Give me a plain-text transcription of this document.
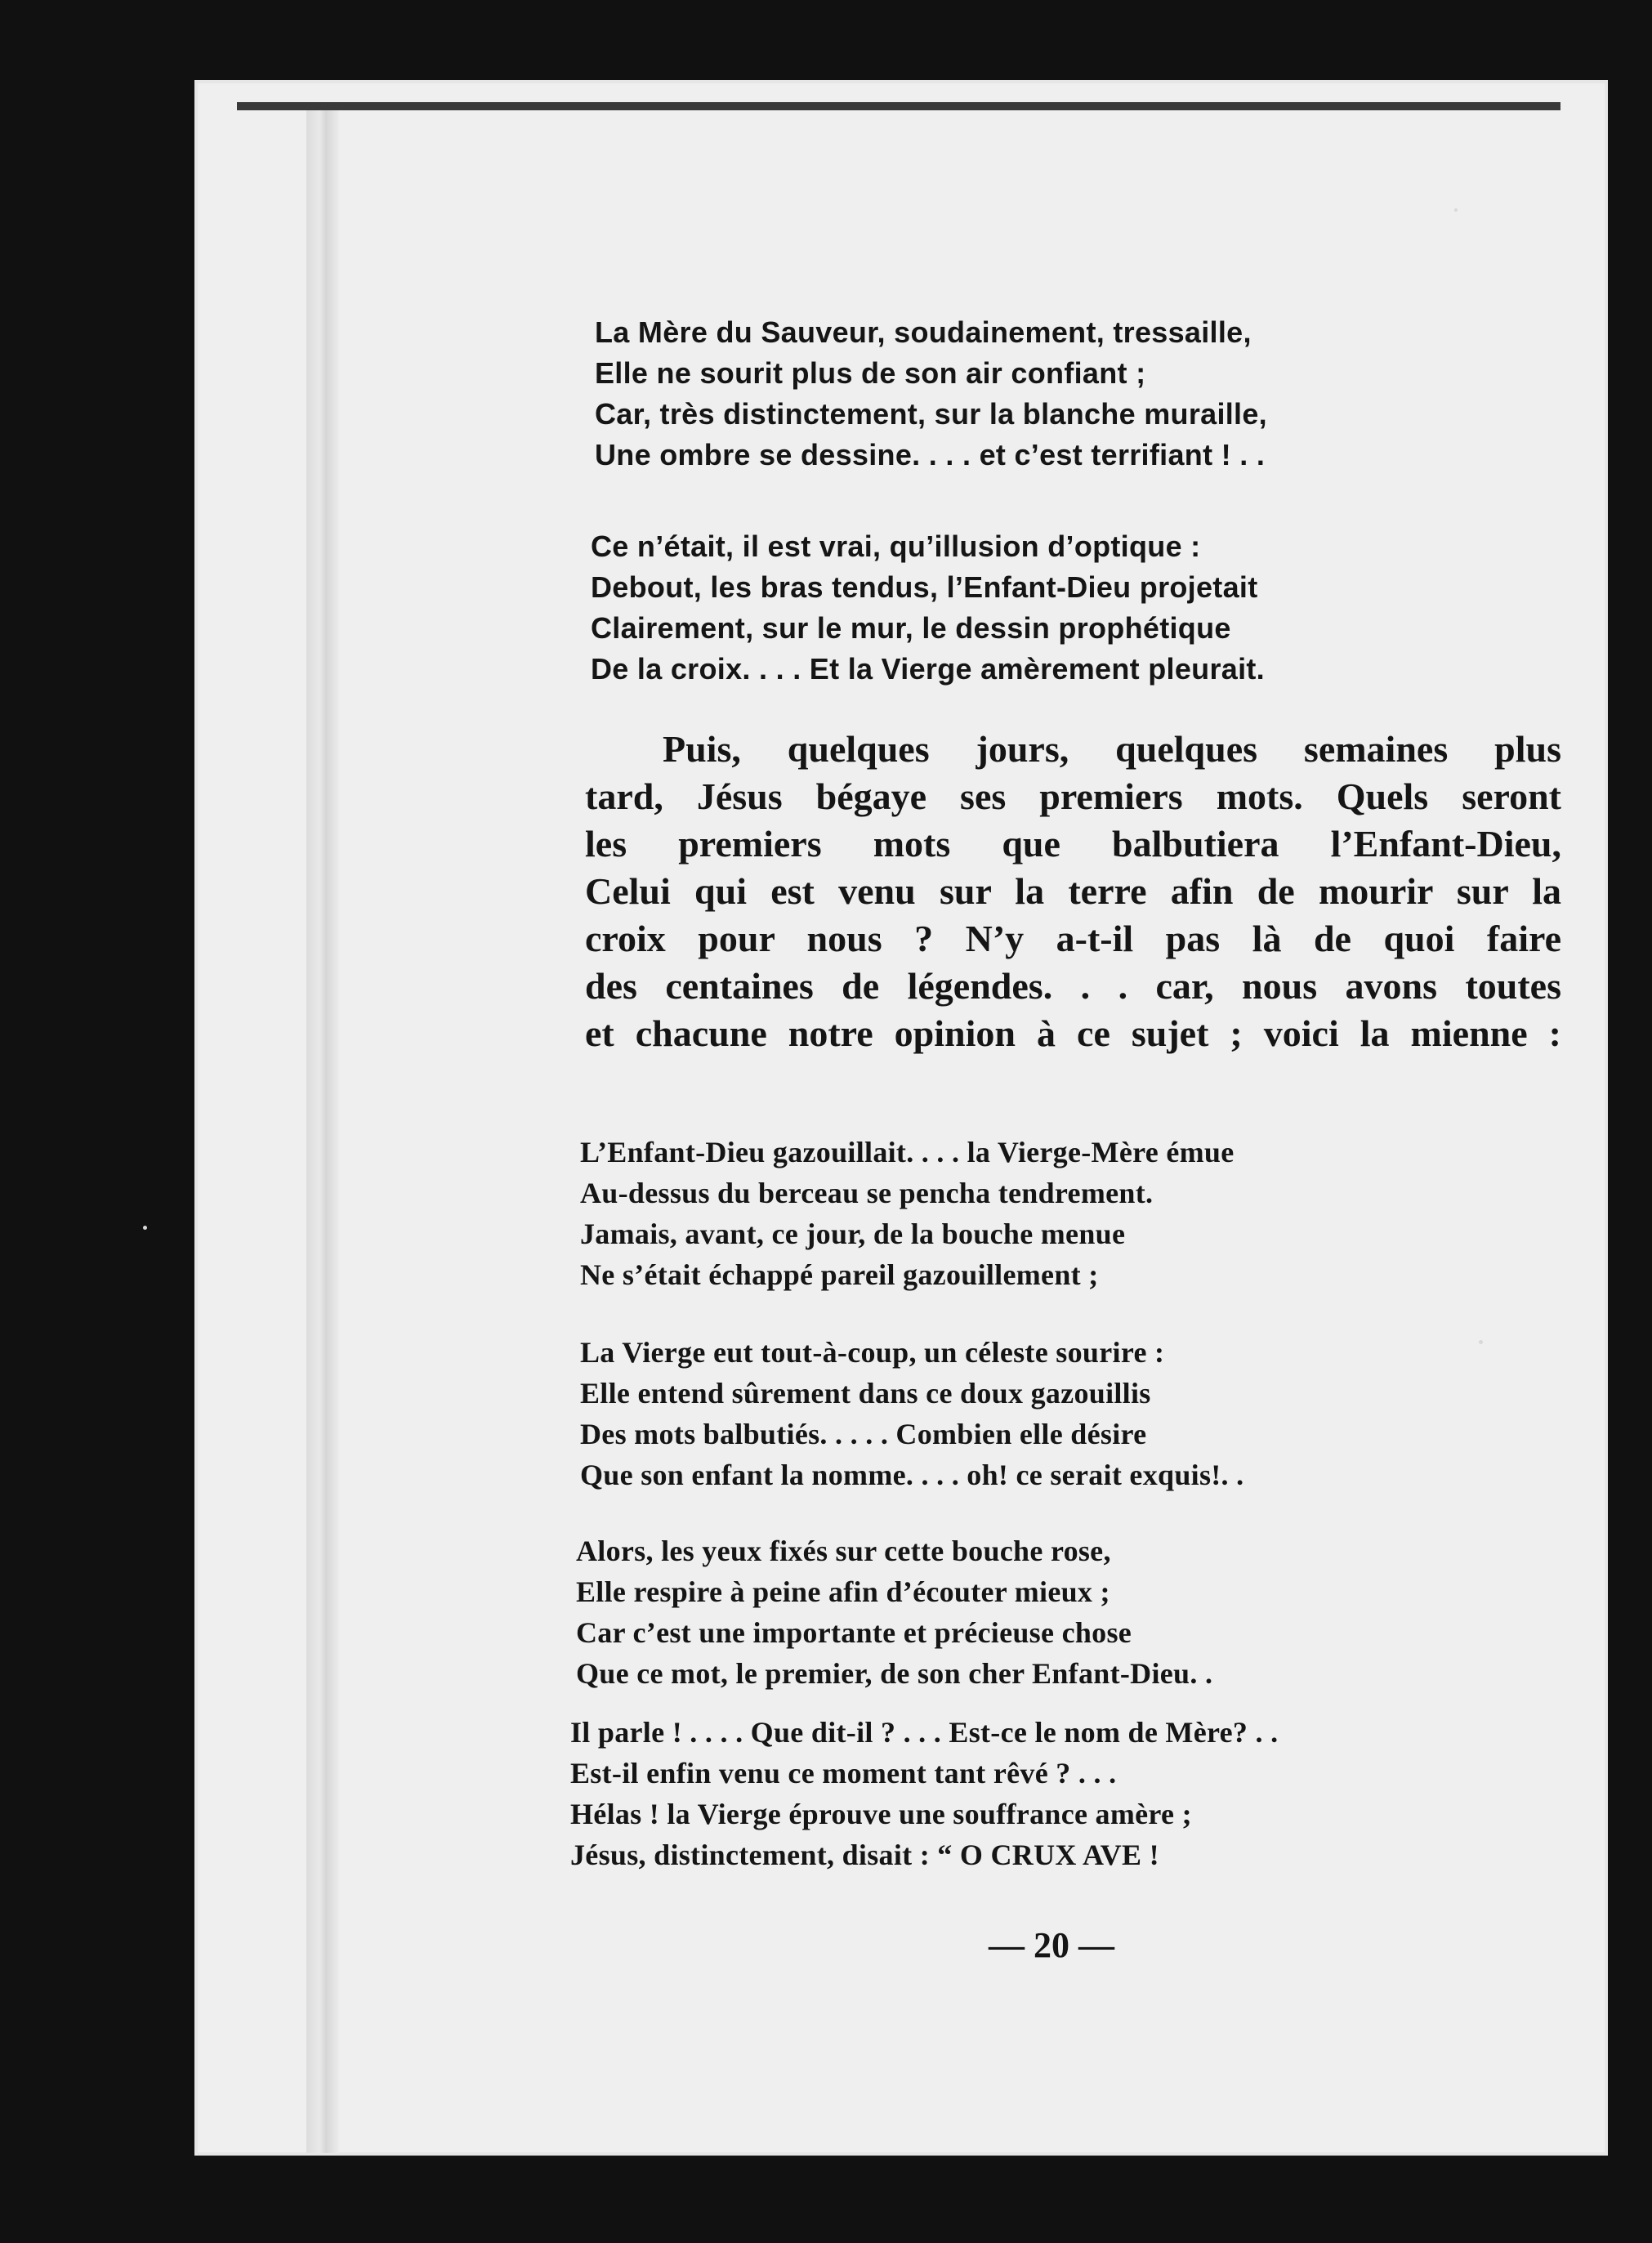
La Mère du Sauveur, soudainement, tressaille,
Elle ne sourit plus de son air confiant ;
Car, très distinctement, sur la blanche muraille,
Une ombre se dessine. . . . et c’est terrifiant ! . .
Ce n’était, il est vrai, qu’illusion d’optique :
Debout, les bras tendus, l’Enfant-Dieu projetait
Clairement, sur le mur, le dessin prophétique
De la croix. . . . Et la Vierge amèrement pleurait.
Puis, quelques jours, quelques semaines plus
tard, Jésus bégaye ses premiers mots. Quels seront
les premiers mots que balbutiera l’Enfant-Dieu,
Celui qui est venu sur la terre afin de mourir sur la
croix pour nous ? N’y a-t-il pas là de quoi faire
des centaines de légendes. . . car, nous avons toutes
et chacune notre opinion à ce sujet ; voici la mienne :
L’Enfant-Dieu gazouillait. . . . la Vierge-Mère émue
Au-dessus du berceau se pencha tendrement.
Jamais, avant, ce jour, de la bouche menue
Ne s’était échappé pareil gazouillement ;
La Vierge eut tout-à-coup, un céleste sourire :
Elle entend sûrement dans ce doux gazouillis
Des mots balbutiés. . . . . Combien elle désire
Que son enfant la nomme. . . . oh! ce serait exquis!. .
Alors, les yeux fixés sur cette bouche rose,
Elle respire à peine afin d’écouter mieux ;
Car c’est une importante et précieuse chose
Que ce mot, le premier, de son cher Enfant-Dieu. .
Il parle ! . . . . Que dit-il ? . . . Est-ce le nom de Mère? . .
Est-il enfin venu ce moment tant rêvé ? . . .
Hélas ! la Vierge éprouve une souffrance amère ;
Jésus, distinctement, disait : “ O CRUX AVE !
— 20 —
